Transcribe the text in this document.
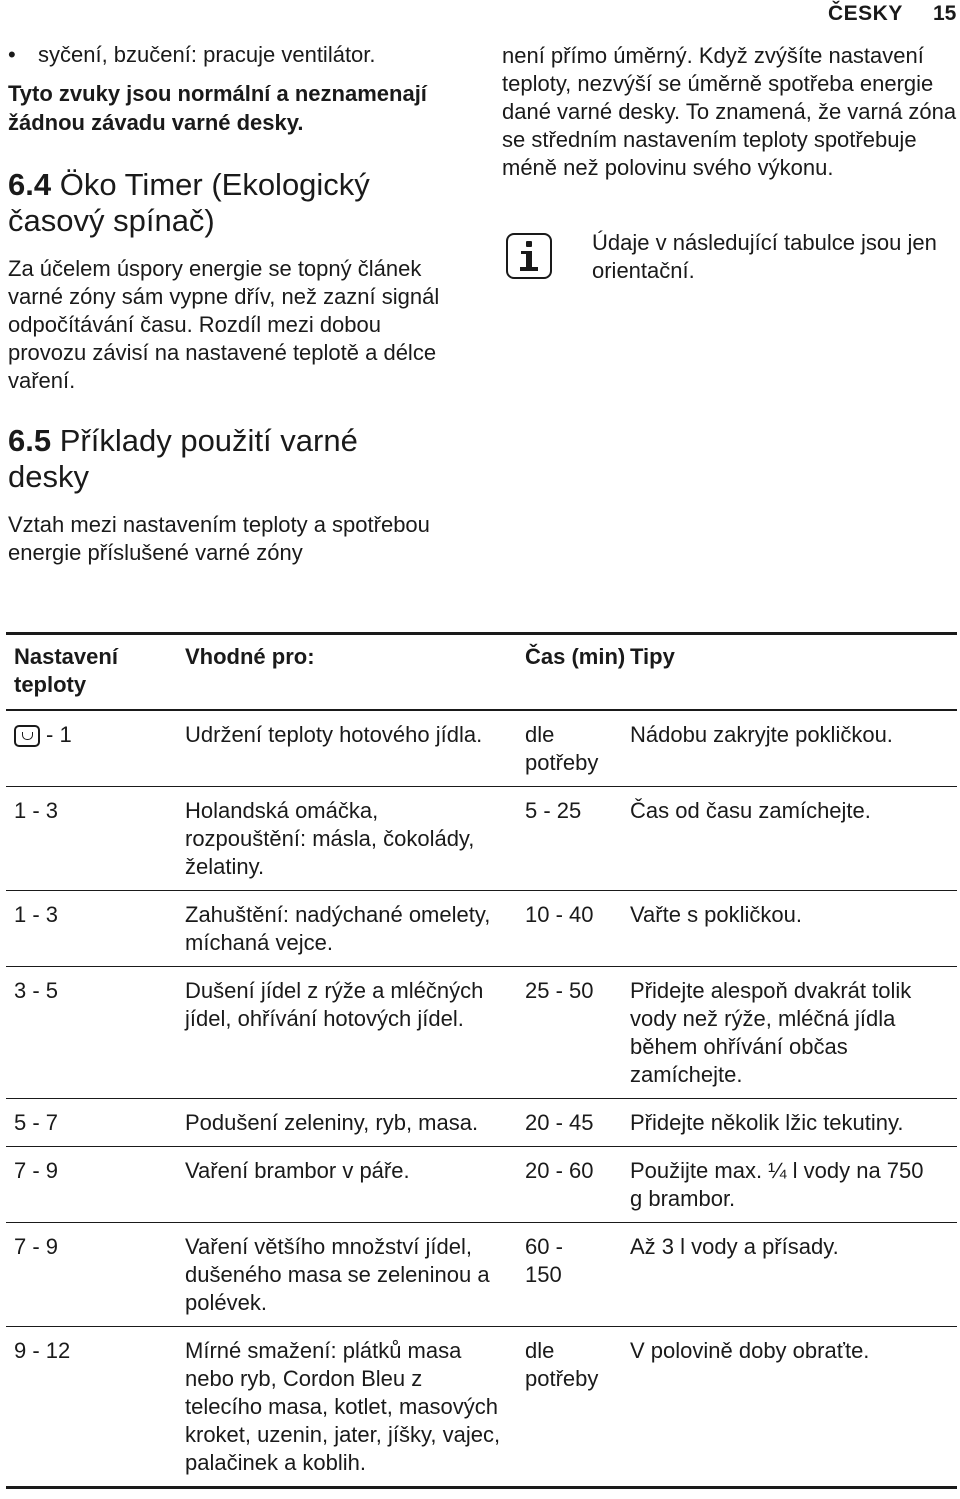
ČESKY 15

• syčení, bzučení: pracuje ventilátor.

Tyto zvuky jsou normální a neznamenají žádnou závadu varné desky.

6.4 Öko Timer (Ekologický časový spínač)

Za účelem úspory energie se topný článek varné zóny sám vypne dřív, než zazní signál odpočítávání času. Rozdíl mezi dobou provozu závisí na nastavené teplotě a délce vaření.

6.5 Příklady použití varné desky

Vztah mezi nastavením teploty a spotřebou energie příslušené varné zóny

není přímo úměrný. Když zvýšíte nastavení teploty, nezvýší se úměrně spotřeba energie dané varné desky. To znamená, že varná zóna se středním nastavením teploty spotřebuje méně než polovinu svého výkonu.

Údaje v následující tabulce jsou jen orientační.
Nastavení teploty	Vhodné pro:	Čas (min)	Tipy
- 1	Udržení teploty hotového jídla.	dle potřeby	Nádobu zakryjte pokličkou.
1 - 3	Holandská omáčka, rozpouštění: másla, čokolády, želatiny.	5 - 25	Čas od času zamíchejte.
1 - 3	Zahuštění: nadýchané omelety, míchaná vejce.	10 - 40	Vařte s pokličkou.
3 - 5	Dušení jídel z rýže a mléčných jídel, ohřívání hotových jídel.	25 - 50	Přidejte alespoň dvakrát tolik vody než rýže, mléčná jídla během ohřívání občas zamíchejte.

5 - 7	Podušení zeleniny, ryb, masa.	20 - 45	Přidejte několik lžic tekutiny.
7 - 9	Vaření brambor v páře.	20 - 60	Použijte max. ¼ l vody na 750 g brambor.

7 - 9	Vaření většího množství jídel, dušeného masa se zeleninou a polévek.	60 - 150	Až 3 l vody a přísady.
9 - 12	Mírné smažení: plátků masa nebo ryb, Cordon Bleu z telecího masa, kotlet, masových kroket, uzenin, jater, jíšky, vajec, palačinek a koblih.	dle potřeby	V polovině doby obraťte.
